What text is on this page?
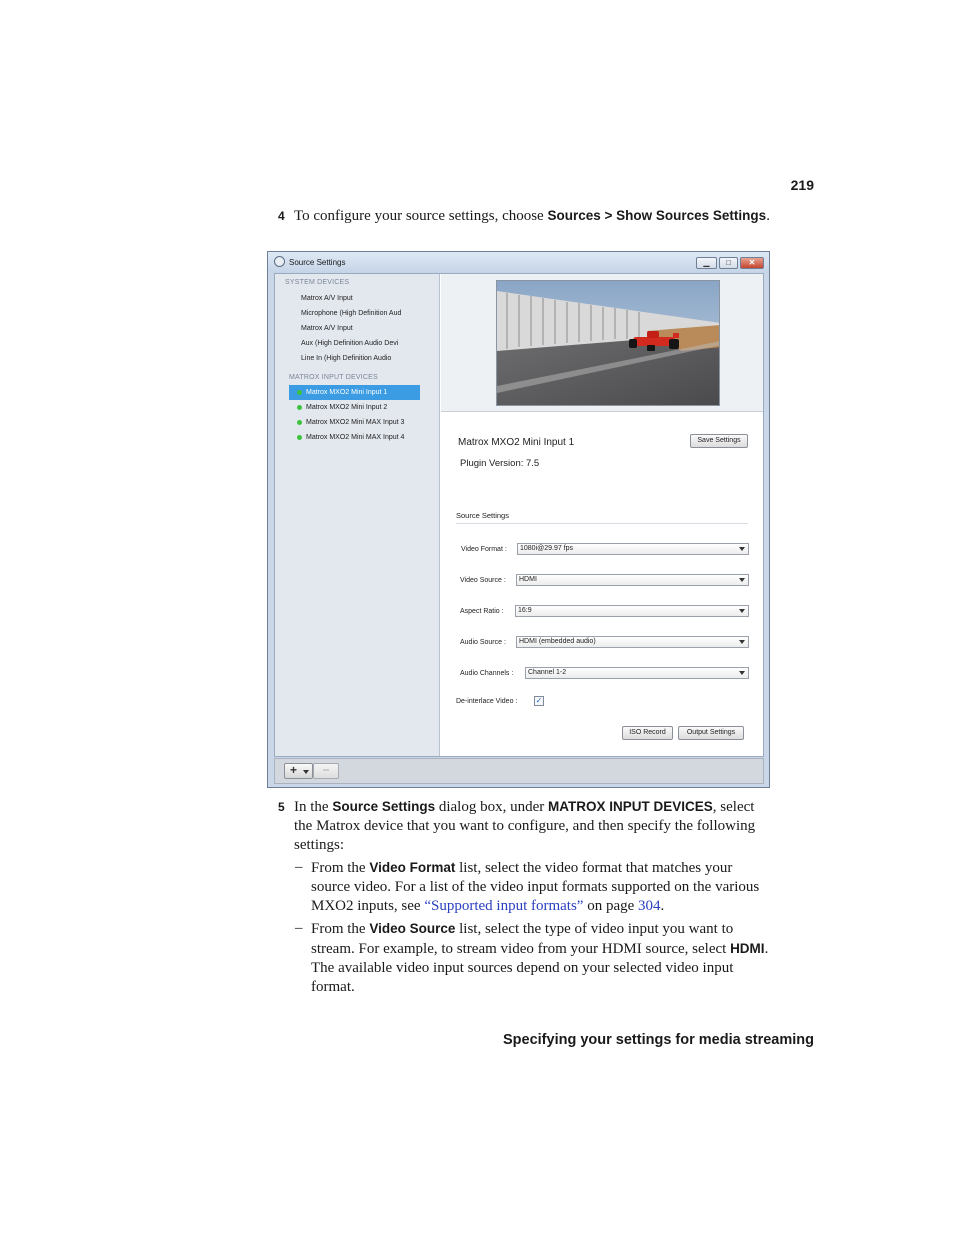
219
4 To configure your source settings, choose Sources > Show Sources Settings.
Source Settings	▁	□	✕
SYSTEM DEVICES
Matrox A/V Input
Microphone (High Definition Aud
Matrox A/V Input
Aux (High Definition Audio Devi
Line In (High Definition Audio
MATROX INPUT DEVICES
Matrox MXO2 Mini Input 1
Matrox MXO2 Mini Input 2
Matrox MXO2 Mini MAX Input 3
Matrox MXO2 Mini MAX Input 4	Matrox MXO2 Mini Input 1	Save Settings
Plugin Version: 7.5
Source Settings
Video Format :	1080i@29.97 fps
Video Source :	HDMI
Aspect Ratio :	16:9
Audio Source :	HDMI (embedded audio)
Audio Channels :	Channel 1-2
De-interlace Video : ✓
ISO Record	Output Settings
+	−
5 In the Source Settings dialog box, under MATROX INPUT DEVICES, select the Matrox device that you want to configure, and then specify the following settings:
– From the Video Format list, select the video format that matches your source video. For a list of the video input formats supported on the various MXO2 inputs, see “Supported input formats” on page 304.
– From the Video Source list, select the type of video input you want to stream. For example, to stream video from your HDMI source, select HDMI. The available video input sources depend on your selected video input format.
Specifying your settings for media streaming
